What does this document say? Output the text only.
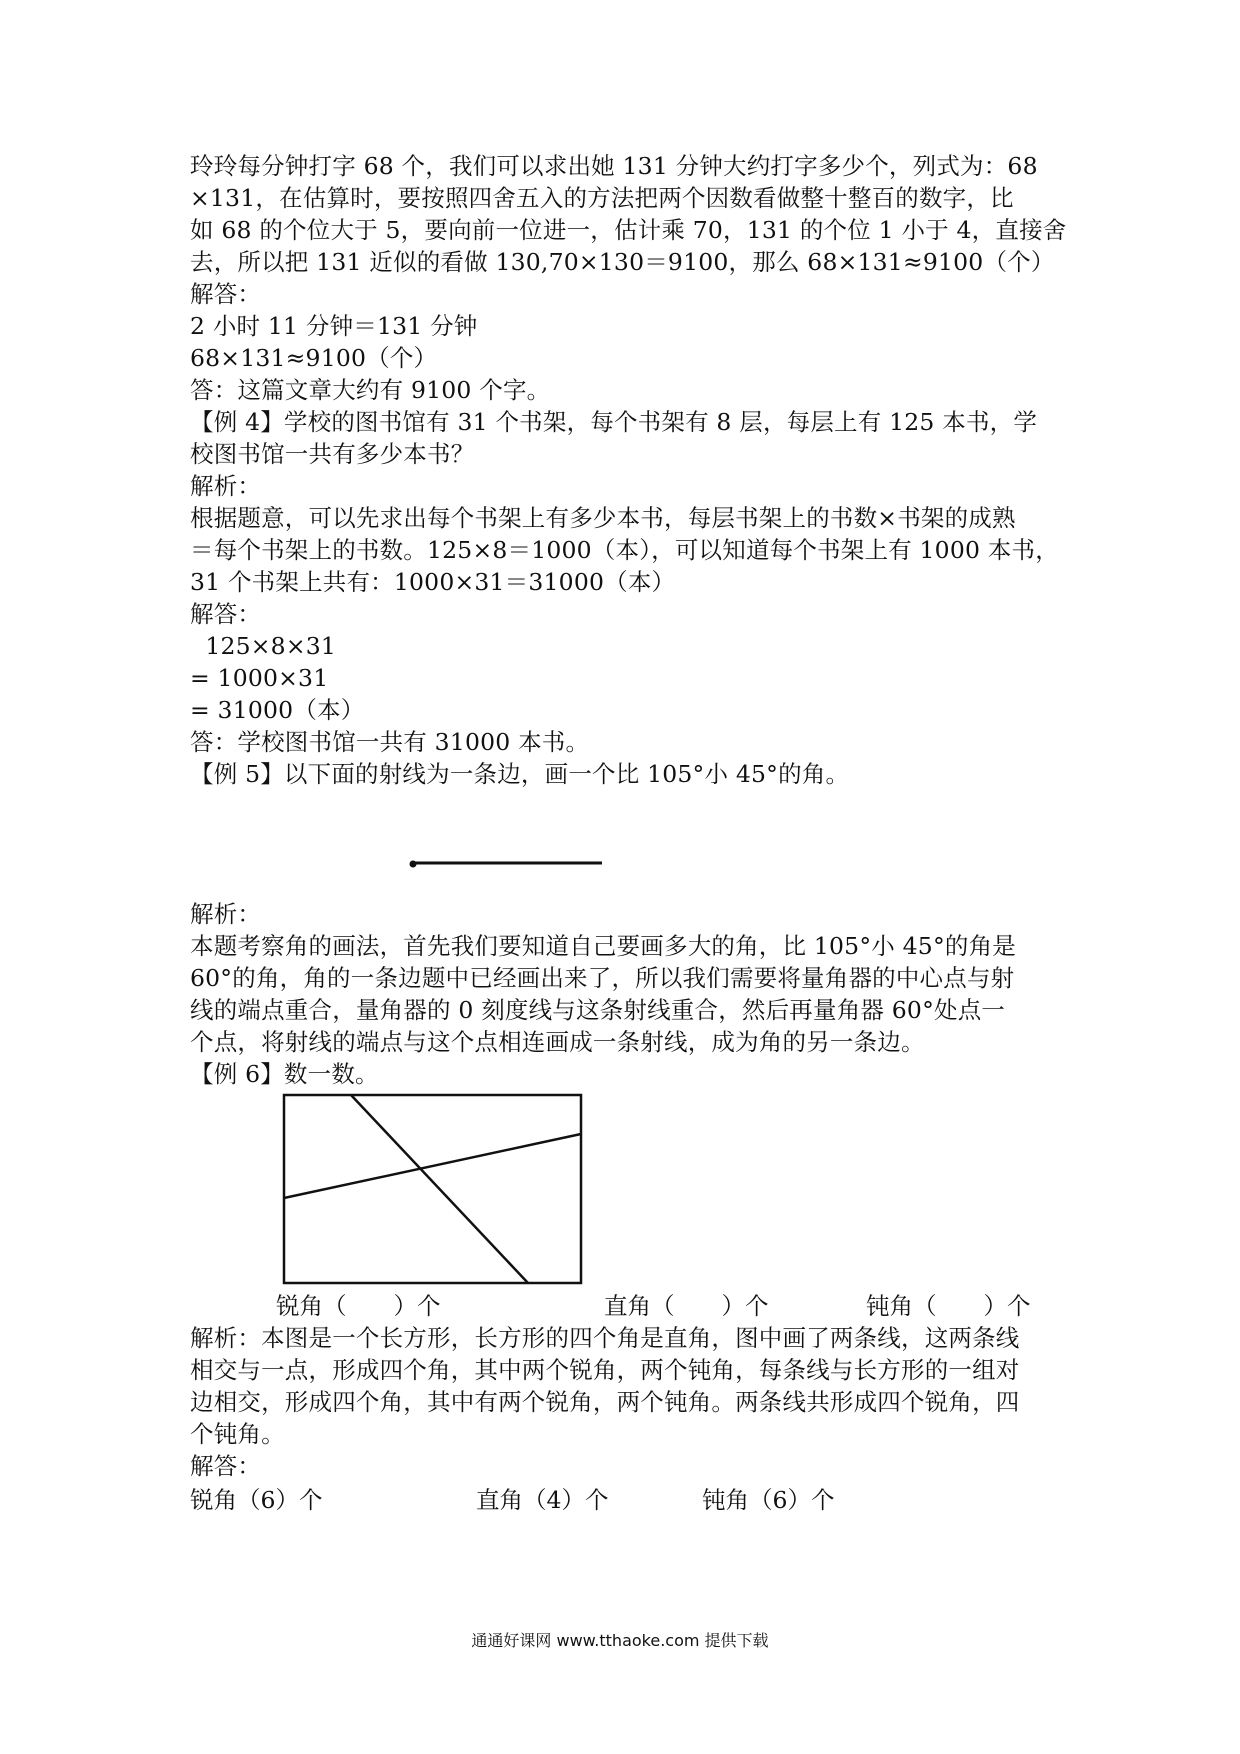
玲玲每分钟打字 68 个，我们可以求出她 131 分钟大约打字多少个，列式为：68
×131，在估算时，要按照四舍五入的方法把两个因数看做整十整百的数字，比
如 68 的个位大于 5，要向前一位进一，估计乘 70，131 的个位 1 小于 4，直接舍
去，所以把 131 近似的看做 130,70×130＝9100，那么 68×131≈9100（个）
解答：
2 小时 11 分钟＝131 分钟
68×131≈9100（个）
答：这篇文章大约有 9100 个字。
【例 4】学校的图书馆有 31 个书架，每个书架有 8 层，每层上有 125 本书，学
校图书馆一共有多少本书？
解析：
根据题意，可以先求出每个书架上有多少本书，每层书架上的书数×书架的成熟
＝每个书架上的书数。125×8＝1000（本），可以知道每个书架上有 1000 本书，
31 个书架上共有：1000×31＝31000（本）
解答：
125×8×31
= 1000×31
= 31000（本）
答：学校图书馆一共有 31000 本书。
【例 5】以下面的射线为一条边，画一个比 105°小 45°的角。
解析：
本题考察角的画法，首先我们要知道自己要画多大的角，比 105°小 45°的角是
60°的角，角的一条边题中已经画出来了，所以我们需要将量角器的中心点与射
线的端点重合，量角器的 0 刻度线与这条射线重合，然后再量角器 60°处点一
个点，将射线的端点与这个点相连画成一条射线，成为角的另一条边。
【例 6】数一数。
锐角（　　）个	直角（　　）个	钝角（　　）个
解析：本图是一个长方形，长方形的四个角是直角，图中画了两条线，这两条线
相交与一点，形成四个角，其中两个锐角，两个钝角，每条线与长方形的一组对
边相交，形成四个角，其中有两个锐角，两个钝角。两条线共形成四个锐角，四
个钝角。
解答：
锐角（6）个	直角（4）个	钝角（6）个
通通好课网 www.tthaoke.com 提供下载
